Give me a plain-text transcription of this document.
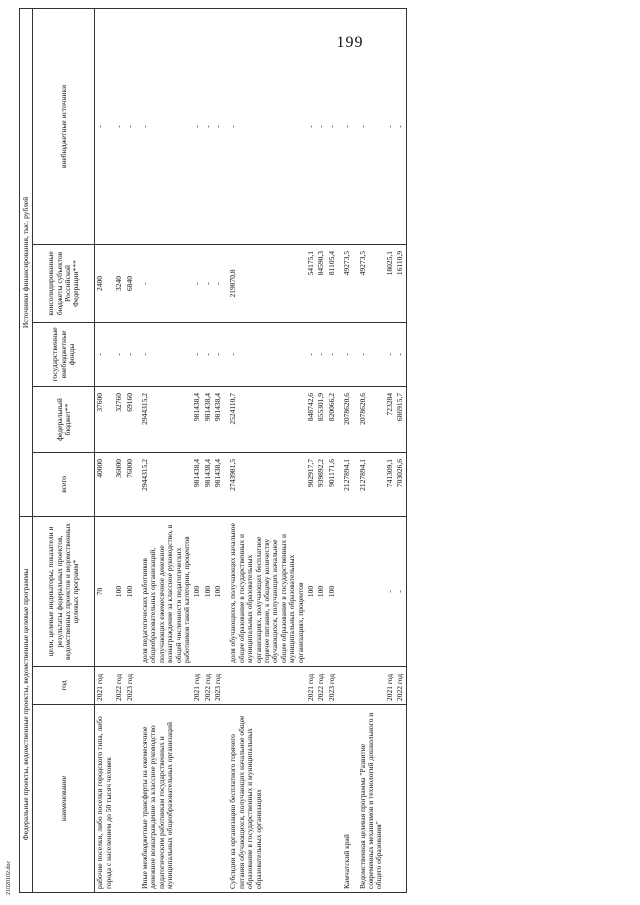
199
Федеральные проекты, ведомственные проекты, ведомственные целевые программы			Источники финансирования, тыс. рублей				
наименование	год	цели, целевые индикаторы, показатели и результаты федеральных проектов, ведомственных проектов и ведомственных целевых программ*	всего	федеральный бюджет**	государственные внебюджетные фонды	консолидированные бюджеты субъектов Российской Федерации***	внебюджетные источники
рабочие поселки, либо поселки городского типа, либо города с населением до 50 тысяч человек	2021 год	70	40000	37600	-	2400	-
	2022 год	100	36000	32760	-	3240	-
	2023 год	100	76000	69160	-	6840	-

Иные межбюджетные трансферты на ежемесячное денежное вознаграждение за классное руководство педагогическим работникам государственных и муниципальных общеобразовательных организаций		доля педагогических работников общеобразовательных организаций, получающих ежемесячное денежное вознаграждение за классное руководство, в общей численности педагогических работников такой категории, процентов	2944315,2	2944315,2	-	-	-
	2021 год	100	981438,4	981438,4	-	-	-
	2022 год	100	981438,4	981438,4	-	-	-
	2023 год	100	981438,4	981438,4	-	-	-

Субсидии на организацию бесплатного горячего питания обучающихся, получающих начальное общее образование в государственных и муниципальных образовательных организациях		доля обучающихся, получающих начальное общее образование в государственных и муниципальных образовательных организациях, получающих бесплатное горячее питание, к общему количеству обучающихся, получающих начальное общее образование в государственных и муниципальных образовательных организациях, процентов	2743981,5	2524110,7	-	219870,8	-
	2021 год	100	902917,7	848742,6	-	54175,1	-
	2022 год	100	939892,2	855301,9	-	84590,3	-
	2023 год	100	901171,6	820066,2	-	81105,4	-

Камчатский край			2127894,1	2078620,6	-	49273,5	-

Ведомственная целевая программа "Развитие современных механизмов и технологий дошкольного и общего образования"			2127894,1	2078620,6	-	49273,5	-
	2021 год	-	741309,1	723284	-	18025,1	-
	2022 год	-	703026,6	686915,7	-	16110,9	-
21020102.doc
